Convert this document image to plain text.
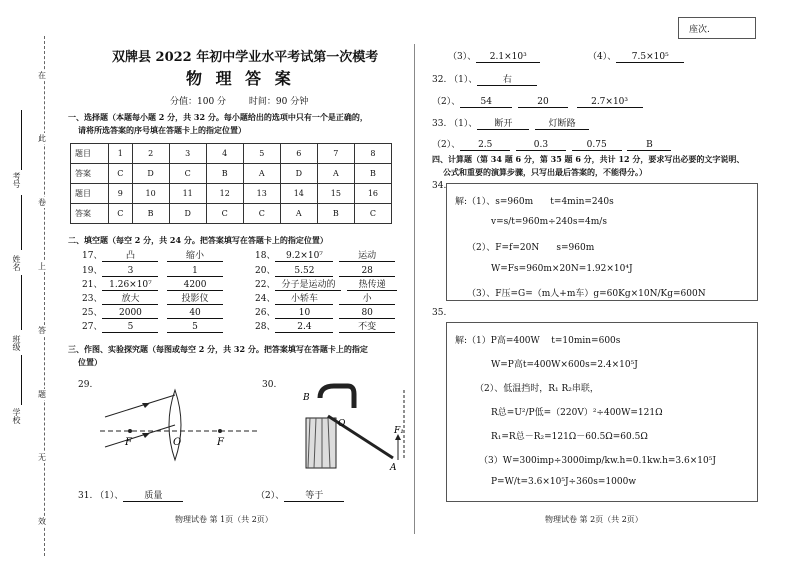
座次.
在
此
卷
上
答
题
无
效
考号
姓名
班级
学校
双牌县 2022 年初中学业水平考试第一次模考
物 理 答 案
分值：100 分        时间：90 分钟
一、选择题（本题每小题 2 分，共 32 分。每小题给出的选项中只有一个是正确的，
请将所选答案的序号填在答题卡上的指定位置）
题目	1	2	3	4	5	6	7	8
答案	C	D	C	B	A	D	A	B
题目	9	10	11	12	13	14	15	16
答案	C	B	D	C	C	A	B	C
二、填空题（每空 2 分，共 24 分。把答案填写在答题卡上的指定位置）
17、	凸	缩小	18、 9.2×10⁷	运动
19、	3	1	20、 5.52	28
21、 1.26×10⁷	4200	22、 分子是运动的	热传递
23、 放大	投影仪	24、 小轿车	小
25、 2000	40	26、	10	80
27、	5	5	28、 2.4	不变
三、作图、实验探究题（每图或每空 2 分，共 32 分。把答案填写在答题卡上的指定
位置）
29.	30.
F	O	F
B
O
F₁
A
31. （1）、 质量	（2）、 等于
物理试卷 第 1页（共 2页）
（3）、 2.1×10³	（4）、 7.5×10⁵
32. （1）、	右
（2）、 54	20	2.7×10³
33. （1）、 断开	灯断路
（2）、 2.5	0.3	0.75	B
四、计算题（第 34 题 6 分，第 35 题 6 分，共计 12 分，要求写出必要的文字说明、
公式和重要的演算步骤，只写出最后答案的，不能得分。）
34.
解:（1）、s=960m      t=4min=240s
v=s/t=960m÷240s=4m/s
（2）、F=f=20N      s=960m
W=Fs=960m×20N=1.92×10⁴J
（3）、F压=G=（m人+m车）g=60Kg×10N/Kg=600N
35.
解:（1）P高=400W    t=10min=600s
W=P高t=400W×600s=2.4×10⁵J
（2）、低温挡时，R₁ R₂串联，
R总=U²/P低=（220V）²÷400W=121Ω
R₁=R总－R₂=121Ω－60.5Ω=60.5Ω
（3）W=300imp÷3000imp/kw.h=0.1kw.h=3.6×10⁵J
P=W/t=3.6×10⁵J÷360s=1000w
物理试卷 第 2页（共 2页）
